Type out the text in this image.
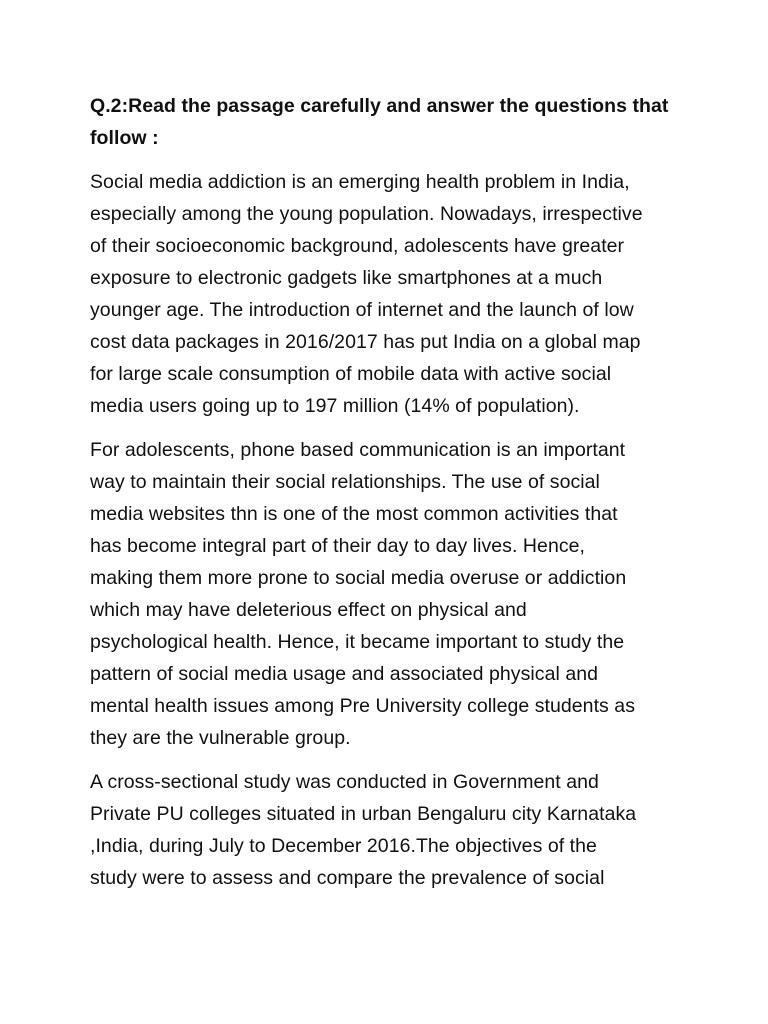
Q.2:Read the passage carefully and answer the questions that
follow :
Social media addiction is an emerging health problem in India,
especially among the young population. Nowadays, irrespective
of their socioeconomic background, adolescents have greater
exposure to electronic gadgets like smartphones at a much
younger age. The introduction of internet and the launch of low
cost data packages in 2016/2017 has put India on a global map
for large scale consumption of mobile data with active social
media users going up to 197 million (14% of population).
For adolescents, phone based communication is an important
way to maintain their social relationships. The use of social
media websites thn is one of the most common activities that
has become integral part of their day to day lives. Hence,
making them more prone to social media overuse or addiction
which may have deleterious effect on physical and
psychological health. Hence, it became important to study the
pattern of social media usage and associated physical and
mental health issues among Pre University college students as
they are the vulnerable group.
A cross-sectional study was conducted in Government and
Private PU colleges situated in urban Bengaluru city Karnataka
,India, during July to December 2016.The objectives of the
study were to assess and compare the prevalence of social
